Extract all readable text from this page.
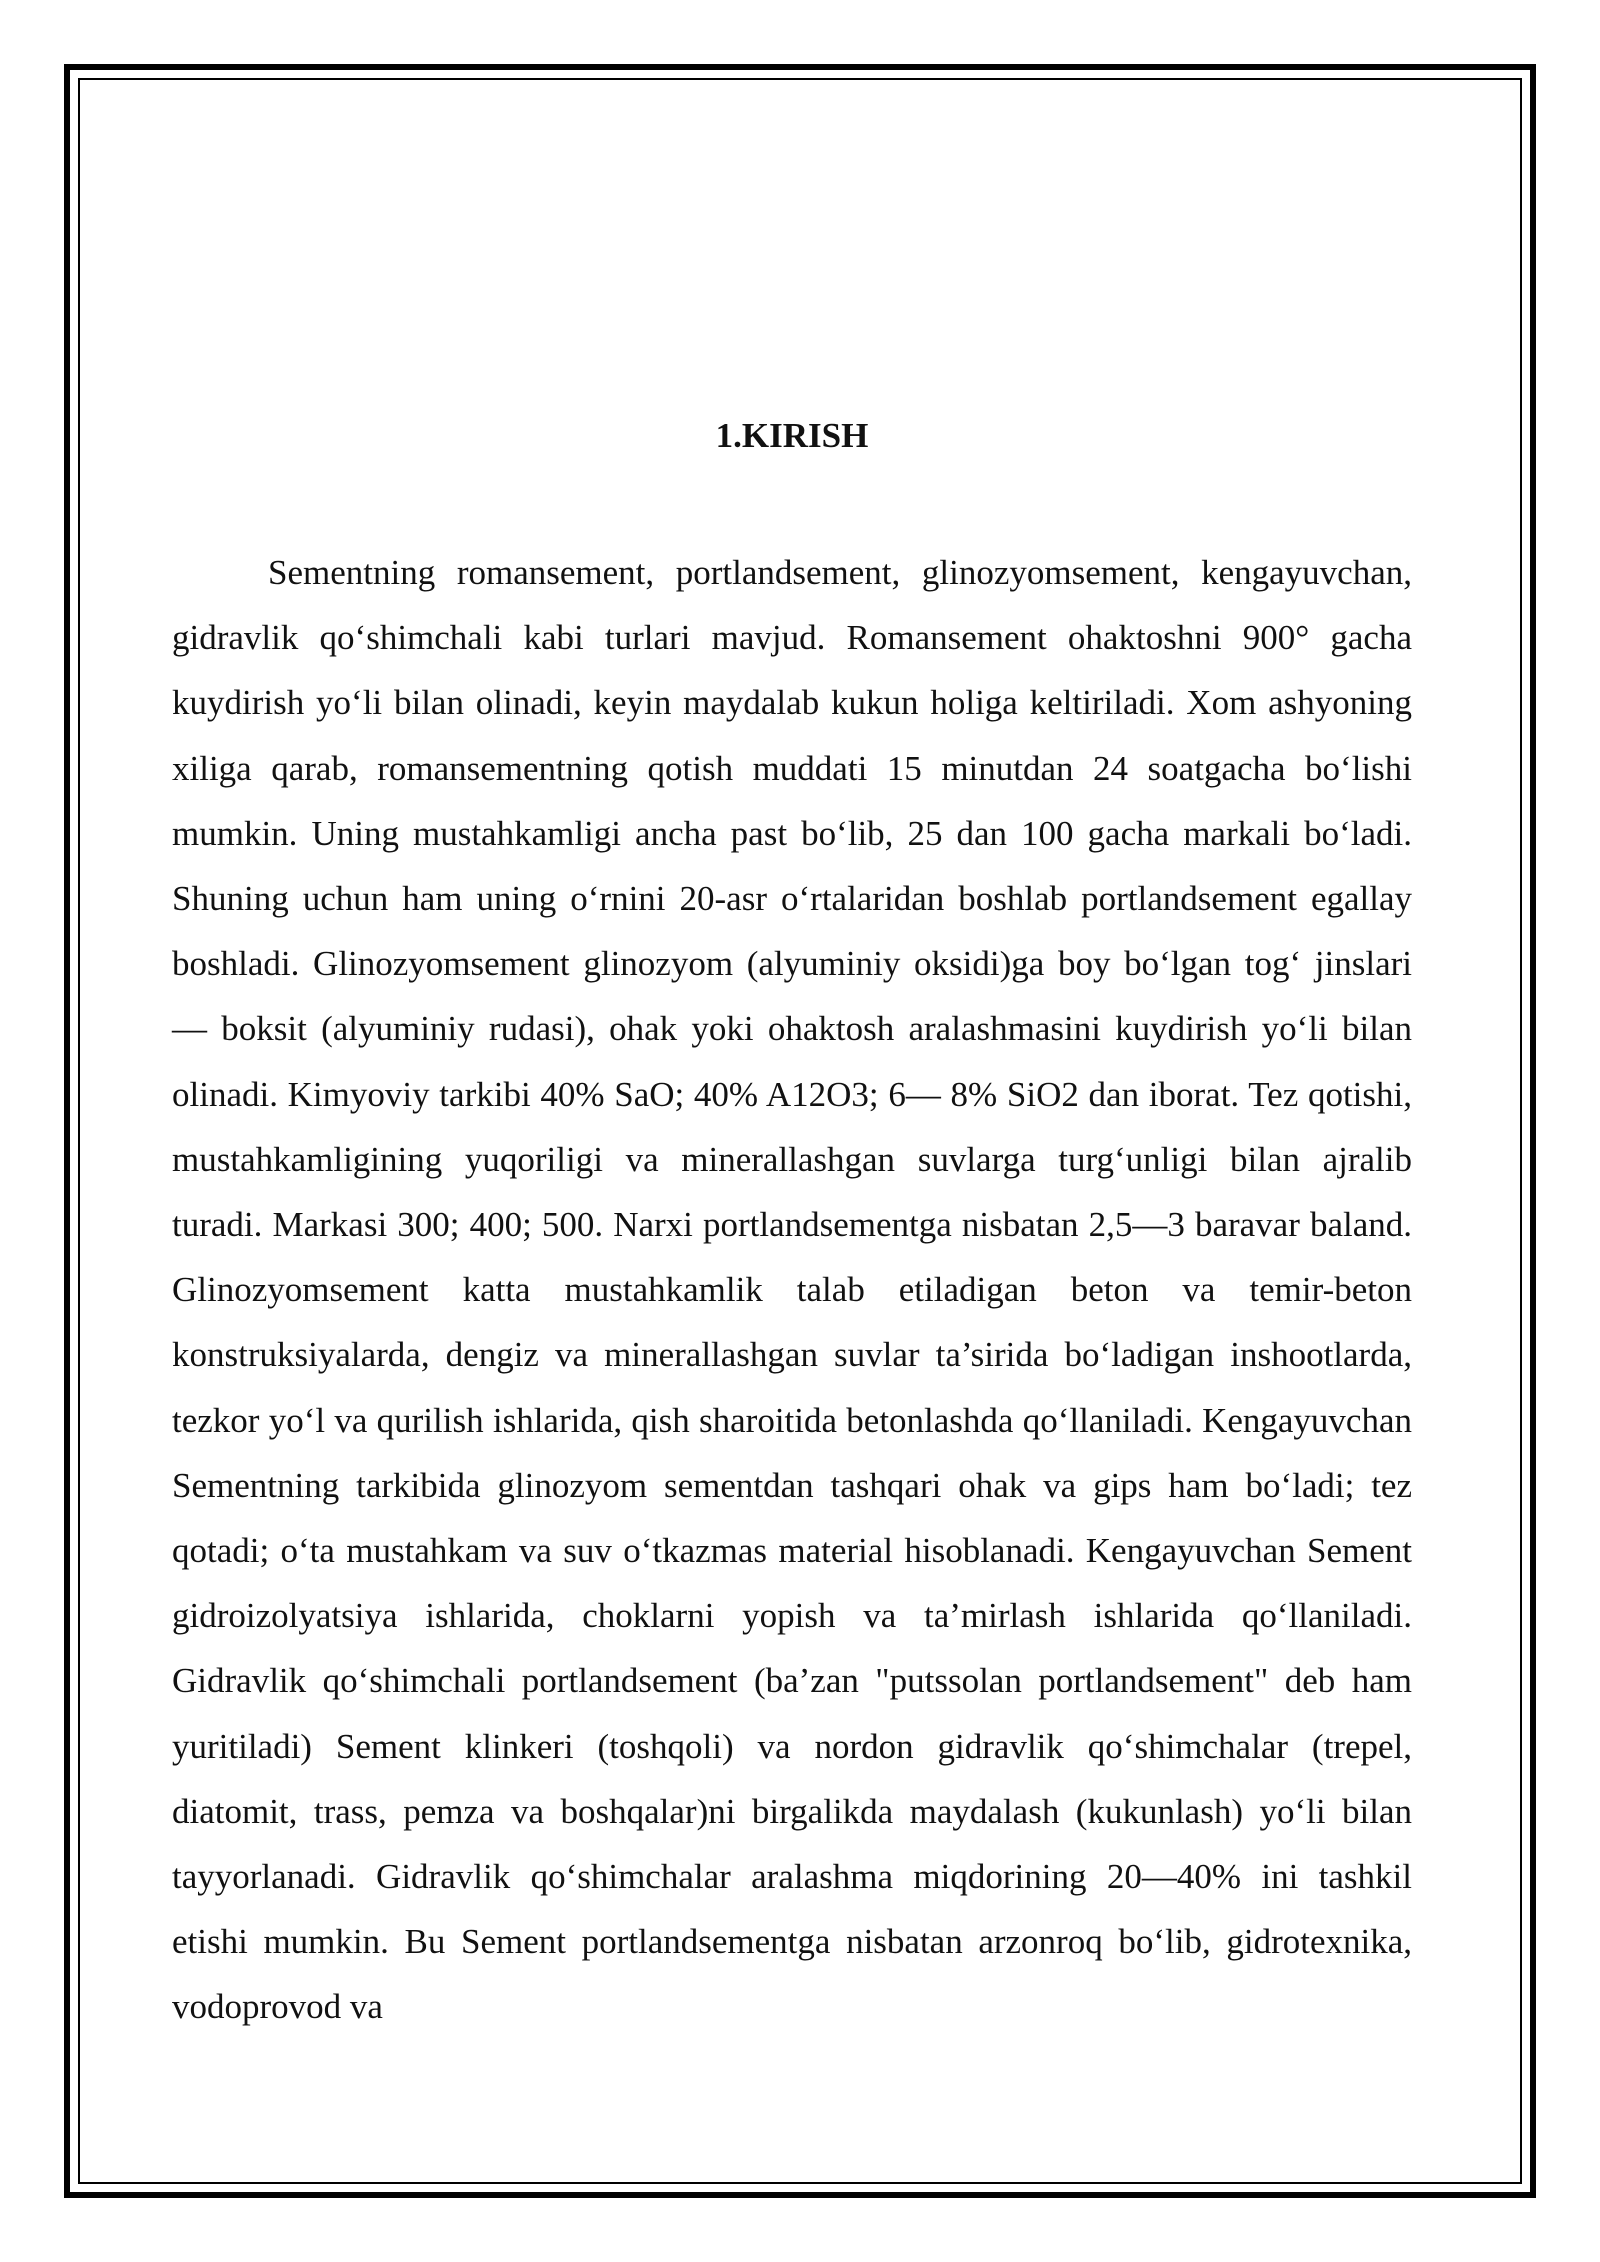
1.KIRISH

Sementning romansement, portlandsement, glinozyomsement, kengayuvchan, gidravlik qo‘shimchali kabi turlari mavjud. Romansement ohaktoshni 900° gacha kuydirish yo‘li bilan olinadi, keyin maydalab kukun holiga keltiriladi. Xom ashyoning xiliga qarab, romansementning qotish muddati 15 minutdan 24 soatgacha bo‘lishi mumkin. Uning mustahkamligi ancha past bo‘lib, 25 dan 100 gacha markali bo‘ladi. Shuning uchun ham uning o‘rnini 20-asr o‘rtalaridan boshlab portlandsement egallay boshladi. Glinozyomsement glinozyom (alyuminiy oksidi)ga boy bo‘lgan tog‘ jinslari — boksit (alyuminiy rudasi), ohak yoki ohaktosh aralashmasini kuydirish yo‘li bilan olinadi. Kimyoviy tarkibi 40% SaO; 40% A12O3; 6— 8% SiO2 dan iborat. Tez qotishi, mustahkamligining yuqoriligi va minerallashgan suvlarga turg‘unligi bilan ajralib turadi. Markasi 300; 400; 500. Narxi portlandsementga nisbatan 2,5—3 baravar baland. Glinozyomsement katta mustahkamlik talab etiladigan beton va temir-beton konstruksiyalarda, dengiz va minerallashgan suvlar ta’sirida bo‘ladigan inshootlarda, tezkor yo‘l va qurilish ishlarida, qish sharoitida betonlashda qo‘llaniladi. Kengayuvchan Sementning tarkibida glinozyom sementdan tashqari ohak va gips ham bo‘ladi; tez qotadi; o‘ta mustahkam va suv o‘tkazmas material hisoblanadi. Kengayuvchan Sement gidroizolyatsiya ishlarida, choklarni yopish va ta’mirlash ishlarida qo‘llaniladi. Gidravlik qo‘shimchali portlandsement (ba’zan "putssolan portlandsement" deb ham yuritiladi) Sement klinkeri (toshqoli) va nordon gidravlik qo‘shimchalar (trepel, diatomit, trass, pemza va boshqalar)ni birgalikda maydalash (kukunlash) yo‘li bilan tayyorlanadi. Gidravlik qo‘shimchalar aralashma miqdorining 20—40% ini tashkil etishi mumkin. Bu Sement portlandsementga nisbatan arzonroq bo‘lib, gidrotexnika, vodoprovod va
